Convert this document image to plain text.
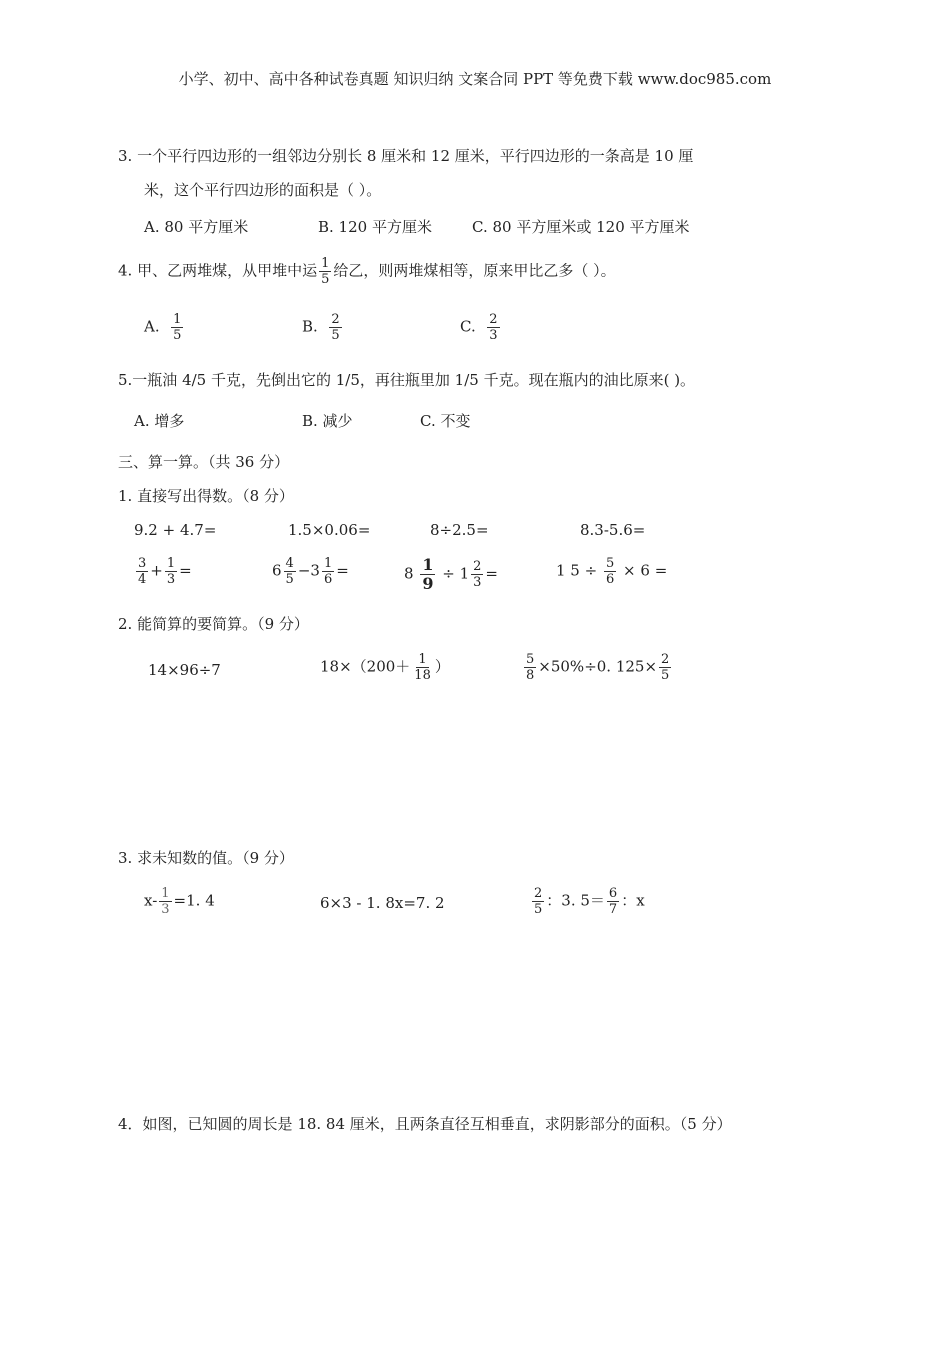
小学、初中、高中各种试卷真题 知识归纳 文案合同 PPT 等免费下载 www.doc985.com
3. 一个平行四边形的一组邻边分别长 8 厘米和 12 厘米，平行四边形的一条高是 10 厘
米，这个平行四边形的面积是（ ）。
A. 80 平方厘米	B. 120 平方厘米	C. 80 平方厘米或 120 平方厘米
4. 甲、乙两堆煤，从甲堆中运 $\frac{1}{5}$ 给乙，则两堆煤相等，原来甲比乙多（ ）。
A. $\frac{1}{5}$	B. $\frac{2}{5}$	C. $\frac{2}{3}$
5.一瓶油 4/5 千克，先倒出它的 1/5，再往瓶里加 1/5 千克。现在瓶内的油比原来( )。
A. 增多	B. 减少	C. 不变
三、算一算。（共 36 分）
1. 直接写出得数。（8 分）
9.2 + 4.7=	1.5×0.06=	8÷2.5=	8.3-5.6=
$\frac{3}{4} + \frac{1}{3}$ =	$6 \frac{4}{5} -3 \frac{1}{6}$ =	$8 \frac{1}{9} \div 1 \frac{2}{3}$ =	1 $5 \div \frac{5}{6} \times 6$ =
2. 能简算的要简算。（9 分）
14×96÷7	$18\times(200+ \frac{1}{18}$ ）	$\frac{5}{8} \times 50\%\div 0$. $125\times \frac{2}{5}$
3. 求未知数的值。（9 分）
$x- \frac{1}{3} =1$. 4	6×3 - 1. 8x=7. 2	$\frac{2}{5}$ ：3. $5= \frac{6}{7}$ ：x
4．如图，已知圆的周长是 18. 84 厘米，且两条直径互相垂直，求阴影部分的面积。（5 分）
